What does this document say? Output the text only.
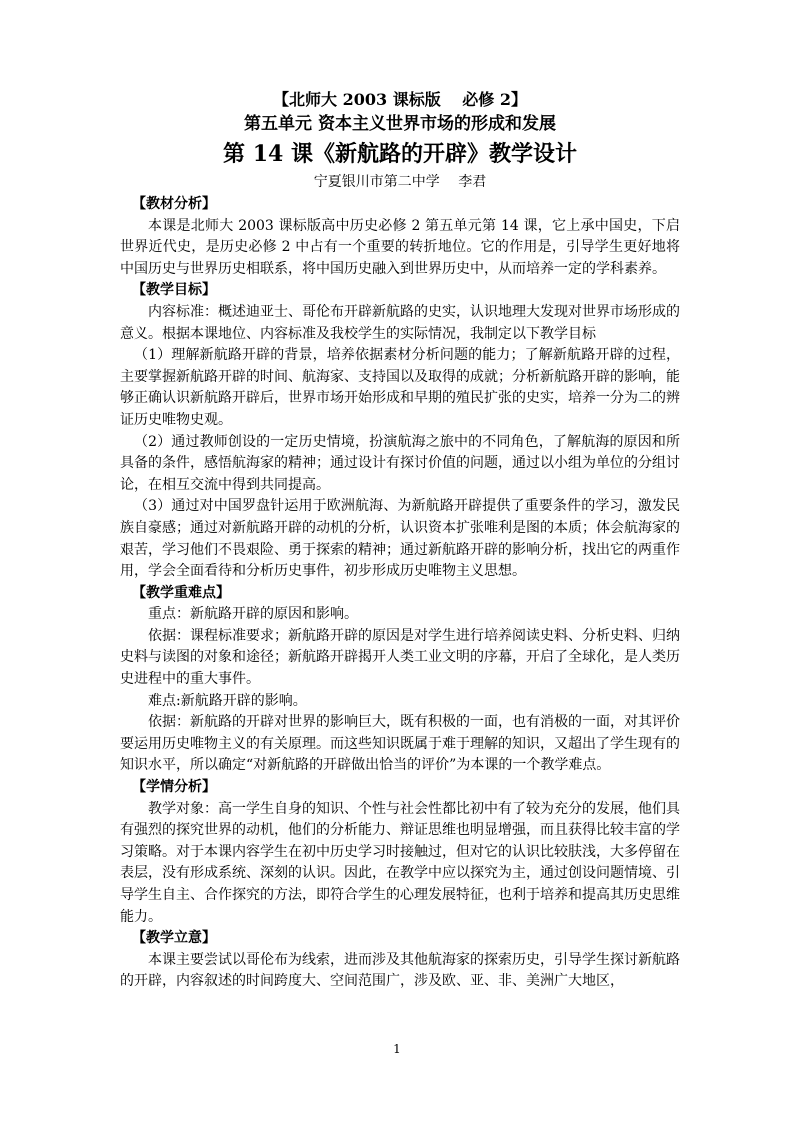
【北师大 2003 课标版　 必修 2】
第五单元 资本主义世界市场的形成和发展
第 14 课《新航路的开辟》教学设计
宁夏银川市第二中学　 李君
【教材分析】

本课是北师大 2003 课标版高中历史必修 2 第五单元第 14 课，它上承中国史，下启世界近代史，是历史必修 2 中占有一个重要的转折地位。它的作用是，引导学生更好地将中国历史与世界历史相联系，将中国历史融入到世界历史中，从而培养一定的学科素养。

【教学目标】

内容标准：概述迪亚士、哥伦布开辟新航路的史实，认识地理大发现对世界市场形成的意义。根据本课地位、内容标准及我校学生的实际情况，我制定以下教学目标

（1）理解新航路开辟的背景，培养依据素材分析问题的能力；了解新航路开辟的过程，主要掌握新航路开辟的时间、航海家、支持国以及取得的成就；分析新航路开辟的影响，能够正确认识新航路开辟后，世界市场开始形成和早期的殖民扩张的史实，培养一分为二的辨证历史唯物史观。

（2）通过教师创设的一定历史情境，扮演航海之旅中的不同角色，了解航海的原因和所具备的条件，感悟航海家的精神；通过设计有探讨价值的问题，通过以小组为单位的分组讨论，在相互交流中得到共同提高。

（3）通过对中国罗盘针运用于欧洲航海、为新航路开辟提供了重要条件的学习，激发民族自豪感；通过对新航路开辟的动机的分析，认识资本扩张唯利是图的本质；体会航海家的艰苦，学习他们不畏艰险、勇于探索的精神；通过新航路开辟的影响分析，找出它的两重作用，学会全面看待和分析历史事件，初步形成历史唯物主义思想。

【教学重难点】

重点：新航路开辟的原因和影响。

依据：课程标准要求；新航路开辟的原因是对学生进行培养阅读史料、分析史料、归纳史料与读图的对象和途径；新航路开辟揭开人类工业文明的序幕，开启了全球化，是人类历史进程中的重大事件。

难点:新航路开辟的影响。

依据：新航路的开辟对世界的影响巨大，既有积极的一面，也有消极的一面，对其评价要运用历史唯物主义的有关原理。而这些知识既属于难于理解的知识，又超出了学生现有的知识水平，所以确定“对新航路的开辟做出恰当的评价”为本课的一个教学难点。

【学情分析】

教学对象：高一学生自身的知识、个性与社会性都比初中有了较为充分的发展，他们具有强烈的探究世界的动机，他们的分析能力、辩证思维也明显增强，而且获得比较丰富的学习策略。对于本课内容学生在初中历史学习时接触过，但对它的认识比较肤浅，大多停留在表层，没有形成系统、深刻的认识。因此，在教学中应以探究为主，通过创设问题情境、引导学生自主、合作探究的方法，即符合学生的心理发展特征，也利于培养和提高其历史思维能力。

【教学立意】

本课主要尝试以哥伦布为线索，进而涉及其他航海家的探索历史，引导学生探讨新航路的开辟，内容叙述的时间跨度大、空间范围广，涉及欧、亚、非、美洲广大地区，

1
